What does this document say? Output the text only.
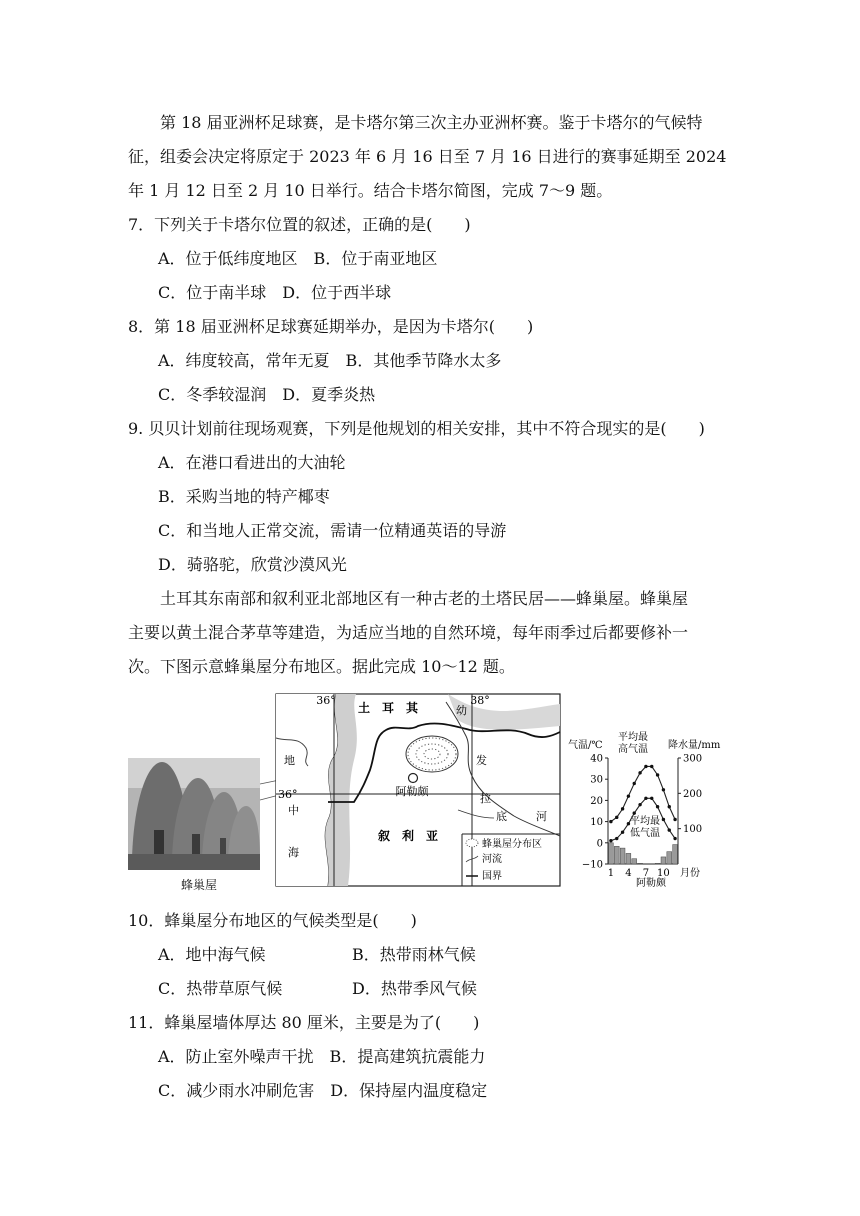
第 18 届亚洲杯足球赛，是卡塔尔第三次主办亚洲杯赛。鉴于卡塔尔的气候特
征，组委会决定将原定于 2023 年 6 月 16 日至 7 月 16 日进行的赛事延期至 2024
年 1 月 12 日至 2 月 10 日举行。结合卡塔尔简图，完成 7～9 题。
7．下列关于卡塔尔位置的叙述，正确的是(　　)
A．位于低纬度地区　B．位于南亚地区
C．位于南半球　D．位于西半球
8．第 18 届亚洲杯足球赛延期举办，是因为卡塔尔(　　)
A．纬度较高，常年无夏　B．其他季节降水太多
C．冬季较湿润　D．夏季炎热
9. 贝贝计划前往现场观赛，下列是他规划的相关安排，其中不符合现实的是(　　)
A．在港口看进出的大油轮
B．采购当地的特产椰枣
C．和当地人正常交流，需请一位精通英语的导游
D．骑骆驼，欣赏沙漠风光
土耳其东南部和叙利亚北部地区有一种古老的土塔民居——蜂巢屋。蜂巢屋
主要以黄土混合茅草等建造，为适应当地的自然环境，每年雨季过后都要修补一
次。下图示意蜂巢屋分布地区。据此完成 10～12 题。
蜂巢屋
36°	38°
36°
土　耳　其
叙　利　亚
地
中
海
幼
发
拉
底	河
阿勒颇
蜂巢屋分布区
河流
国界
气温/℃	降水量/mm
平均最
高气温
平均最
低气温
40
30
20
10
0
−10
300
200
100
1 4 7 10 月份
阿勒颇
10．蜂巢屋分布地区的气候类型是(　　)
A．地中海气候	B．热带雨林气候
C．热带草原气候	D．热带季风气候
11．蜂巢屋墙体厚达 80 厘米，主要是为了(　　)
A．防止室外噪声干扰　B．提高建筑抗震能力
C．减少雨水冲刷危害　D．保持屋内温度稳定
